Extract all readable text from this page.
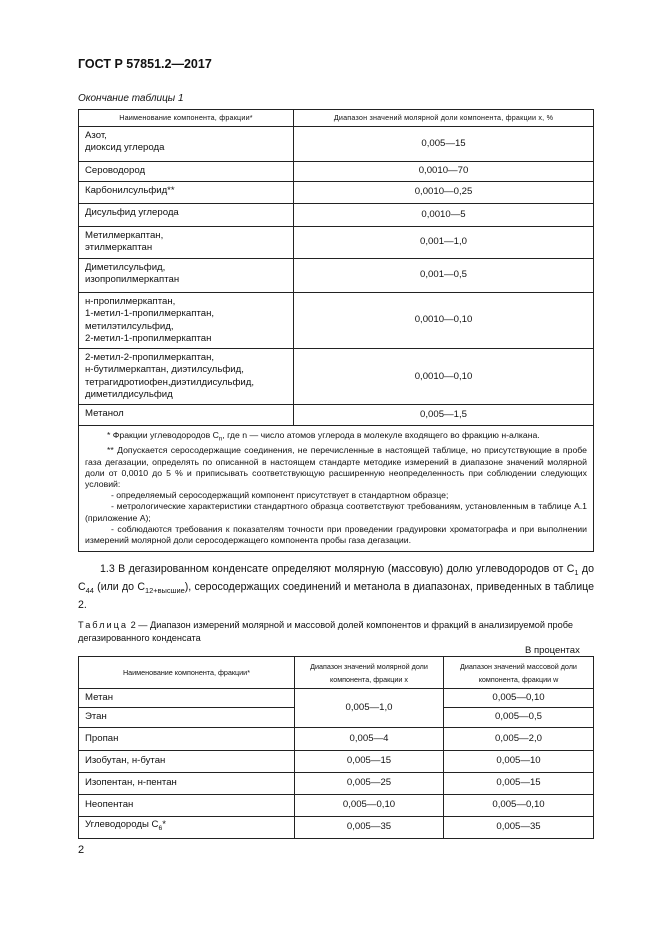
ГОСТ Р 57851.2—2017
Окончание таблицы 1
Наименование компонента, фракции*	Диапазон значений молярной доли компонента, фракции x, %

Азот,
диоксид углерода	0,005—15

Сероводород	0,0010—70

Карбонилсульфид**	0,0010—0,25

Дисульфид углерода	0,0010—5

Метилмеркаптан,
этилмеркаптан	0,001—1,0

Диметилсульфид,
изопропилмеркаптан	0,001—0,5

н-пропилмеркаптан,
1-метил-1-пропилмеркаптан,
метилэтилсульфид,
2-метил-1-пропилмеркаптан	0,0010—0,10

2-метил-2-пропилмеркаптан,
н-бутилмеркаптан, диэтилсульфид,
тетрагидротиофен,диэтилдисульфид,
диметилдисульфид	0,0010—0,10

Метанол	0,005—1,5

* Фракции углеводородов $C_n$, где n — число атомов углерода в молекуле входящего во фракцию н-алкана.
** Допускается серосодержащие соединения, не перечисленные в настоящей таблице, но присутствующие в пробе газа дегазации, определять по описанной в настоящем стандарте методике измерений в диапазоне значений молярной доли от 0,0010 до 5 % и приписывать соответствующую расширенную неопределенность при соблюдении следующих условий:
- определяемый серосодержащий компонент присутствует в стандартном образце;
- метрологические характеристики стандартного образца соответствуют требованиям, установленным в таблице А.1 (приложение А);
- соблюдаются требования к показателям точности при проведении градуировки хроматографа и при выполнении измерений молярной доли серосодержащего компонента пробы газа дегазации.	
1.3 В дегазированном конденсате определяют молярную (массовую) долю углеводородов от $C_1$ до $C_{44}$ (или до $C_{12+высшие}$), серосодержащих соединений и метанола в диапазонах, приведенных в таблице 2.
Таблица 2 — Диапазон измерений молярной и массовой долей компонентов и фракций в анализируемой пробе дегазированного конденсата
В процентах
Наименование компонента, фракции*	Диапазон значений молярной доли компонента, фракции x	Диапазон значений массовой доли компонента, фракции w
Метан	0,005—1,0	0,005—0,10
Этан		0,005—0,5
Пропан	0,005—4	0,005—2,0
Изобутан, н-бутан	0,005—15	0,005—10
Изопентан, н-пентан	0,005—25	0,005—15
Неопентан	0,005—0,10	0,005—0,10
Углеводороды $C_6*$	0,005—35	0,005—35
2
